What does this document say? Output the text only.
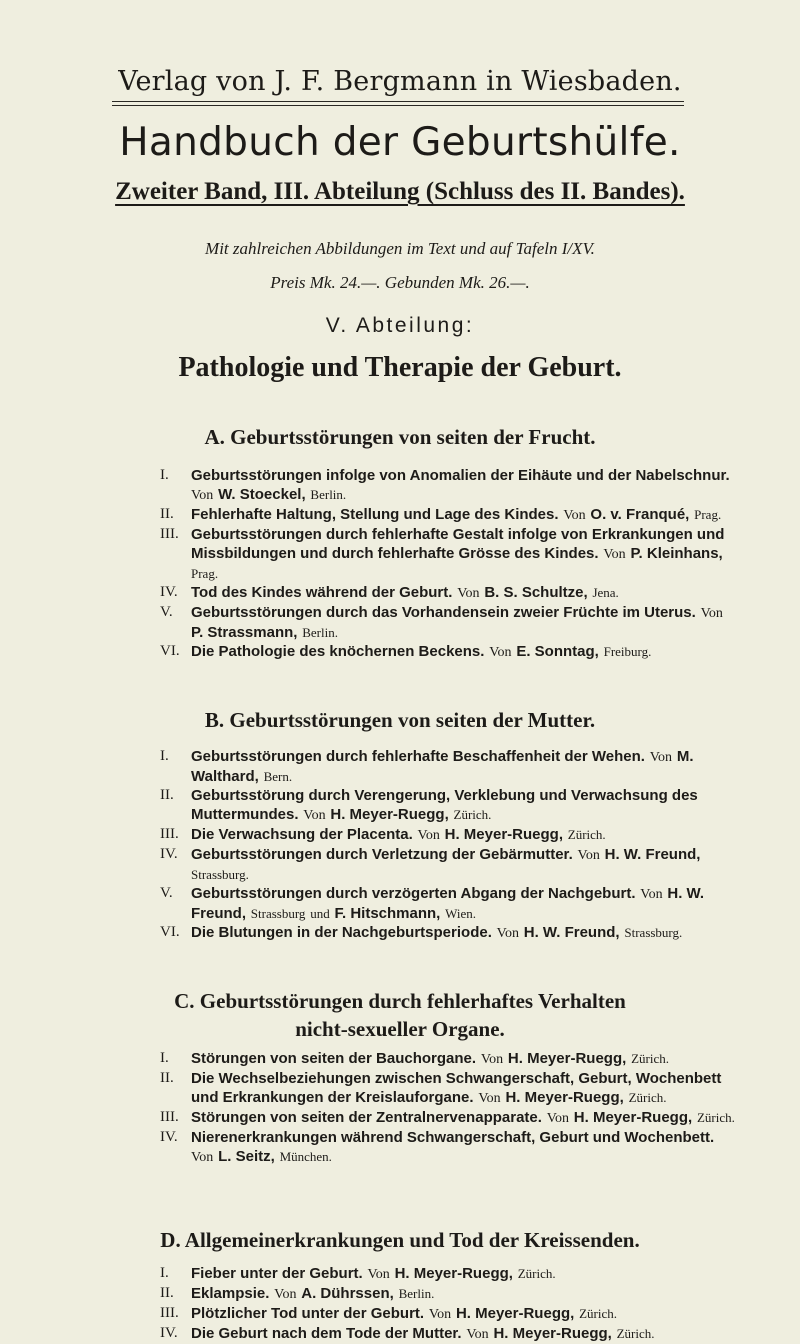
Verlag von J. F. Bergmann in Wiesbaden.
Handbuch der Geburtshülfe.
Zweiter Band, III. Abteilung (Schluss des II. Bandes).
Mit zahlreichen Abbildungen im Text und auf Tafeln I/XV.
Preis Mk. 24.—. Gebunden Mk. 26.—.
V. Abteilung:
Pathologie und Therapie der Geburt.
A. Geburtsstörungen von seiten der Frucht.
I.	Geburtsstörungen infolge von Anomalien der Eihäute und der Nabelschnur. Von W. Stoeckel, Berlin.
II.	Fehlerhafte Haltung, Stellung und Lage des Kindes. Von O. v. Franqué, Prag.
III. Geburtsstörungen durch fehlerhafte Gestalt infolge von Erkrankungen und Missbildungen und durch fehlerhafte Grösse des Kindes. Von P. Kleinhans, Prag.
IV. Tod des Kindes während der Geburt. Von B. S. Schultze, Jena.
V.	Geburtsstörungen durch das Vorhandensein zweier Früchte im Uterus. Von P. Strassmann, Berlin.
VI. Die Pathologie des knöchernen Beckens. Von E. Sonntag, Freiburg.
B. Geburtsstörungen von seiten der Mutter.
I.	Geburtsstörungen durch fehlerhafte Beschaffenheit der Wehen. Von M. Walthard, Bern.
II.	Geburtsstörung durch Verengerung, Verklebung und Verwachsung des Muttermundes. Von H. Meyer-Ruegg, Zürich.
III. Die Verwachsung der Placenta. Von H. Meyer-Ruegg, Zürich.
IV. Geburtsstörungen durch Verletzung der Gebärmutter. Von H. W. Freund, Strassburg.
V.	Geburtsstörungen durch verzögerten Abgang der Nachgeburt. Von H. W. Freund, Strassburg und F. Hitschmann, Wien.
VI. Die Blutungen in der Nachgeburtsperiode. Von H. W. Freund, Strassburg.
C. Geburtsstörungen durch fehlerhaftes Verhalten nicht-sexueller Organe.
I.	Störungen von seiten der Bauchorgane. Von H. Meyer-Ruegg, Zürich.
II.	Die Wechselbeziehungen zwischen Schwangerschaft, Geburt, Wochenbett und Erkrankungen der Kreislauforgane. Von H. Meyer-Ruegg, Zürich.
III. Störungen von seiten der Zentralnervenapparate. Von H. Meyer-Ruegg, Zürich.
IV. Nierenerkrankungen während Schwangerschaft, Geburt und Wochenbett. Von L. Seitz, München.
D. Allgemeinerkrankungen und Tod der Kreissenden.
I.	Fieber unter der Geburt. Von H. Meyer-Ruegg, Zürich.
II.	Eklampsie. Von A. Dührssen, Berlin.
III. Plötzlicher Tod unter der Geburt. Von H. Meyer-Ruegg, Zürich.
IV. Die Geburt nach dem Tode der Mutter. Von H. Meyer-Ruegg, Zürich.
